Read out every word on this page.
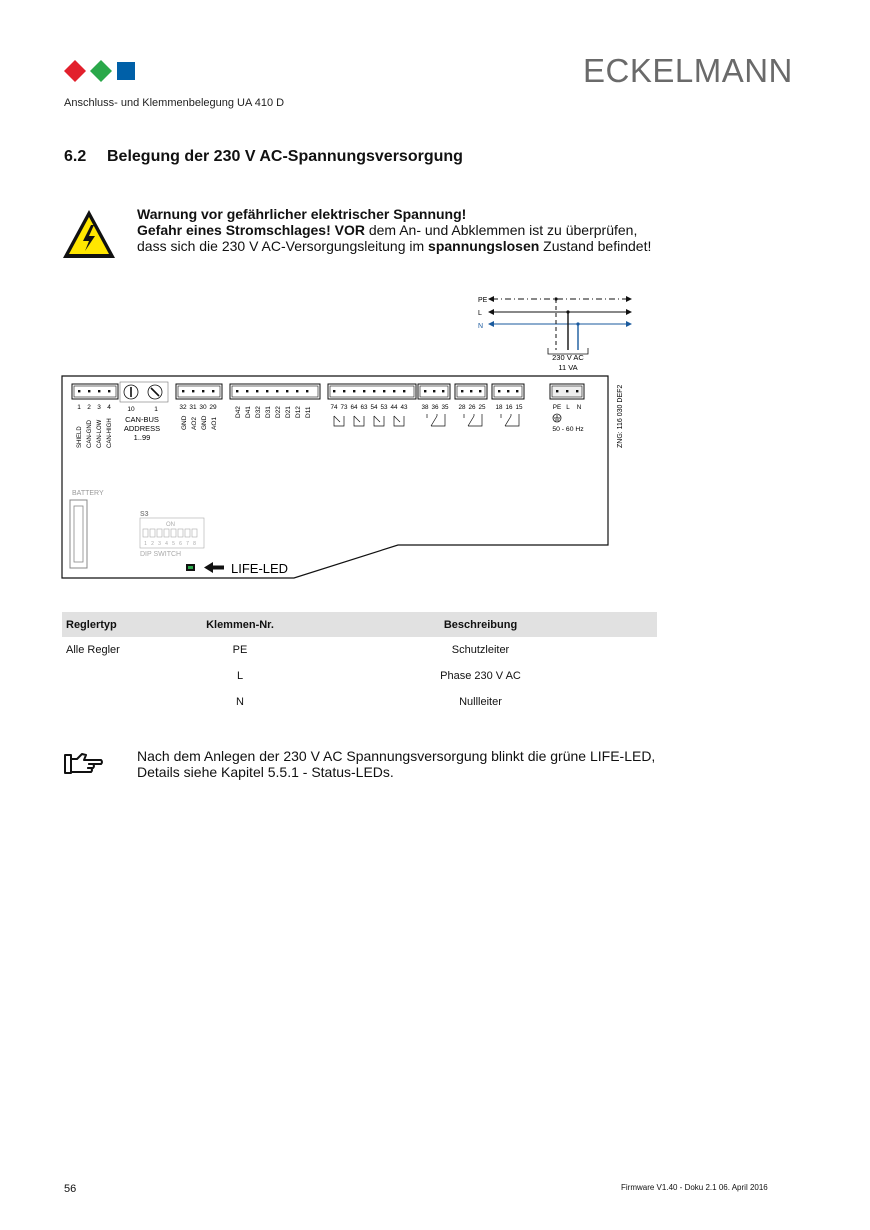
ECKELMANN
Anschluss- und Klemmenbelegung UA 410 D
6.2 Belegung der 230 V AC-Spannungsversorgung
Warnung vor gefährlicher elektrischer Spannung!
Gefahr eines Stromschlages! VOR dem An- und Abklemmen ist zu überprüfen,
dass sich die 230 V AC-Versorgungsleitung im spannungslosen Zustand befindet!
PE
L
N
230 V AC
11 VA
ZNG: 116 030 DEF2
1 2 3 4
SHIELD CAN-GND CAN-LOW CAN-HIGH
10	1
CAN-BUS
ADDRESS
1..99
32 31 30 29
GND AO2 GND AO1
D42 D41 D32 D31 D22 D21 D12 D11	74 73 64 63 54 53 44 43 38 36 35 28 26 25 18 16 15	PE L N
50 - 60 Hz
BATTERY
S3
ON
1 2 3 4 5 6 7 8
DIP SWITCH
LIFE-LED
Reglertyp	Klemmen-Nr.	Beschreibung
Alle Regler	PE	Schutzleiter
	L	Phase 230 V AC
	N	Nullleiter
Nach dem Anlegen der 230 V AC Spannungsversorgung blinkt die grüne LIFE-LED,
Details siehe Kapitel 5.5.1 - Status-LEDs.
56	Firmware V1.40 - Doku 2.1 06. April 2016
